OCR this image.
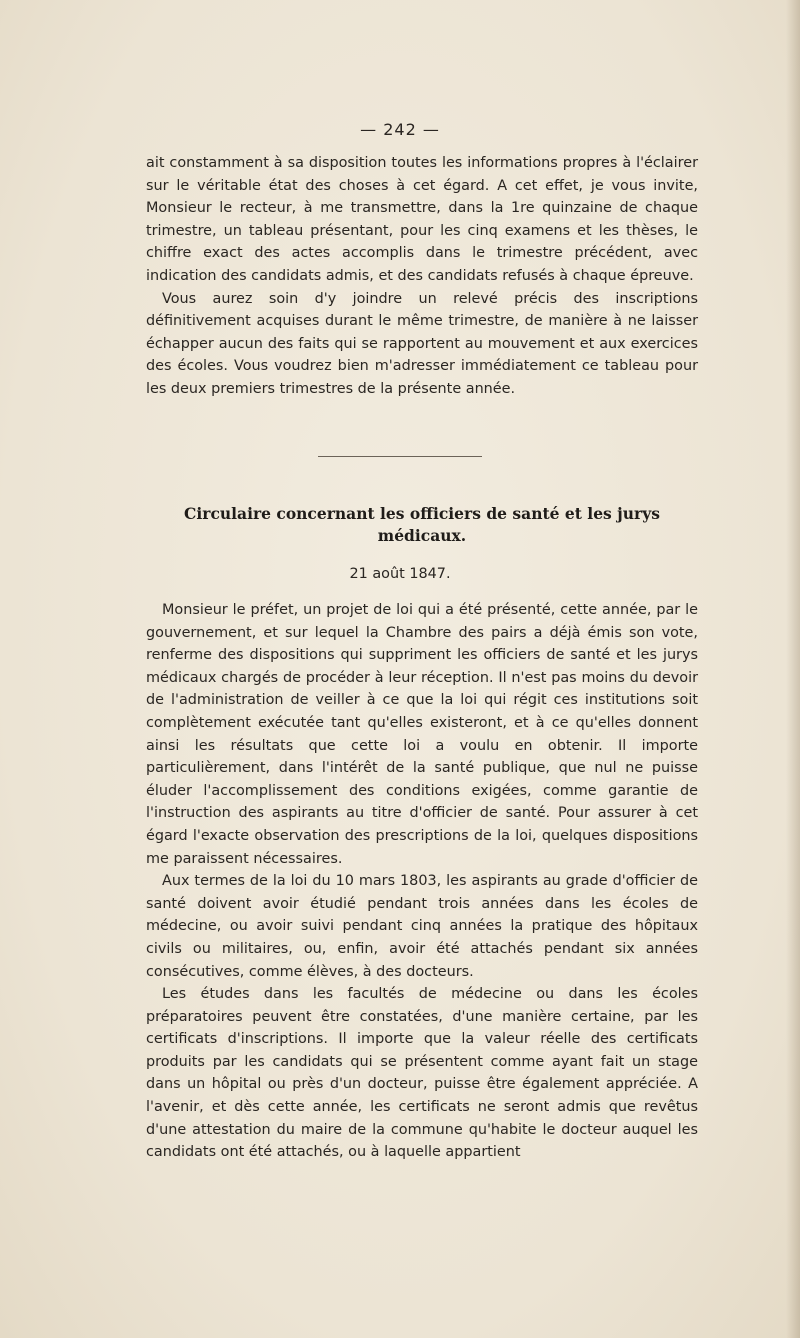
— 242 —

ait constamment à sa disposition toutes les informations propres à l'éclairer sur le véritable état des choses à cet égard. A cet effet, je vous invite, Monsieur le recteur, à me transmettre, dans la 1re quinzaine de chaque trimestre, un tableau présentant, pour les cinq examens et les thèses, le chiffre exact des actes accomplis dans le trimestre précédent, avec indication des candidats admis, et des candidats refusés à chaque épreuve.

Vous aurez soin d'y joindre un relevé précis des inscriptions définitivement acquises durant le même trimestre, de manière à ne laisser échapper aucun des faits qui se rapportent au mouvement et aux exercices des écoles. Vous voudrez bien m'adresser immédiatement ce tableau pour les deux premiers trimestres de la présente année.

Circulaire concernant les officiers de santé et les jurys médicaux.
21 août 1847.

Monsieur le préfet, un projet de loi qui a été présenté, cette année, par le gouvernement, et sur lequel la Chambre des pairs a déjà émis son vote, renferme des dispositions qui suppriment les officiers de santé et les jurys médicaux chargés de procéder à leur réception. Il n'est pas moins du devoir de l'administration de veiller à ce que la loi qui régit ces institutions soit complètement exécutée tant qu'elles existeront, et à ce qu'elles donnent ainsi les résultats que cette loi a voulu en obtenir. Il importe particulièrement, dans l'intérêt de la santé publique, que nul ne puisse éluder l'accomplissement des conditions exigées, comme garantie de l'instruction des aspirants au titre d'officier de santé. Pour assurer à cet égard l'exacte observation des prescriptions de la loi, quelques dispositions me paraissent nécessaires.

Aux termes de la loi du 10 mars 1803, les aspirants au grade d'officier de santé doivent avoir étudié pendant trois années dans les écoles de médecine, ou avoir suivi pendant cinq années la pratique des hôpitaux civils ou militaires, ou, enfin, avoir été attachés pendant six années consécutives, comme élèves, à des docteurs.

Les études dans les facultés de médecine ou dans les écoles préparatoires peuvent être constatées, d'une manière certaine, par les certificats d'inscriptions. Il importe que la valeur réelle des certificats produits par les candidats qui se présentent comme ayant fait un stage dans un hôpital ou près d'un docteur, puisse être également appréciée. A l'avenir, et dès cette année, les certificats ne seront admis que revêtus d'une attestation du maire de la commune qu'habite le docteur auquel les candidats ont été attachés, ou à laquelle appartient
